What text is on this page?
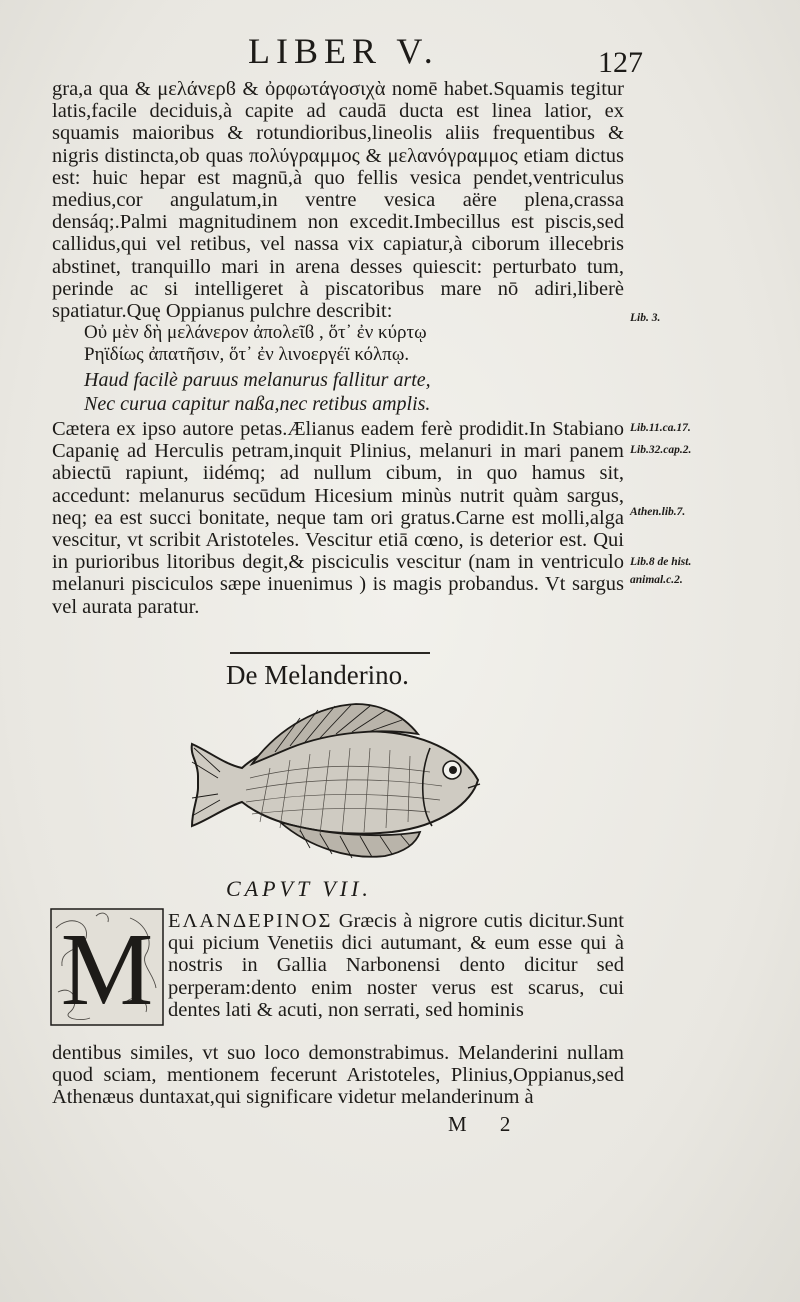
LIBER V.	127

gra,a qua & μελάνερϐ & ὀρφωτάγοσιχὰ nomē habet.Squamis tegitur latis,facile deciduis,à capite ad caudā ducta est linea latior, ex squamis maioribus & rotundioribus,lineolis aliis frequentibus & nigris distincta,ob quas πολύγραμμος & μελανόγραμμος etiam dictus est: huic hepar est magnū,à quo fellis vesica pendet,ventriculus medius,cor angulatum,in ventre vesica aëre plena,crassa densáq;.Palmi magnitudinem non excedit.Imbecillus est piscis,sed callidus,qui vel retibus, vel nassa vix capiatur,à ciborum illecebris abstinet, tranquillo mari in arena desses quiescit: perturbato tum, perinde ac si intelligeret à piscatoribus mare nō adiri,liberè spatiatur.Quę Oppianus pulchre describit:

Οὐ μὲν δὴ μελάνερον ἀπολεῖϐ , ὅτ᾽ ἐν κύρτῳ
Ρηϊδίως ἀπατῆσιν, ὅτ᾽ ἐν λινοεργέϊ κόλπῳ.
Haud facilè paruus melanurus fallitur arte,
Nec curua capitur naßa,nec retibus amplis.

Cætera ex ipso autore petas.Ælianus eadem ferè prodidit.In Stabiano Capanię ad Herculis petram,inquit Plinius, melanuri in mari panem abiectū rapiunt, iidémq; ad nullum cibum, in quo hamus sit, accedunt: melanurus secūdum Hicesium minùs nutrit quàm sargus, neq; ea est succi bonitate, neque tam ori gratus.Carne est molli,alga vescitur, vt scribit Aristoteles. Vescitur etiā cœno, is deterior est. Qui in purioribus litoribus degit,& pisciculis vescitur (nam in ventriculo melanuri pisciculos sæpe inuenimus ) is magis probandus. Vt sargus vel aurata paratur.

Lib. 3.
Lib.11.ca.17.
Lib.32.cap.2.
Athen.lib.7.
Lib.8 de hist.
animal.c.2.
De Melanderino.
CAPVT VII.
M ΕΛΑΝΔΕΡΙΝΟΣ Græcis à nigrore cutis dicitur.Sunt qui picium Venetiis dici autumant, & eum esse qui à nostris in Gallia Narbonensi dento dicitur sed perperam:dento enim noster verus est scarus, cui dentes lati & acuti, non serrati, sed hominis

dentibus similes, vt suo loco demonstrabimus. Melanderini nullam quod sciam, mentionem fecerunt Aristoteles, Plinius,Oppianus,sed Athenæus duntaxat,qui significare videtur melanderinum à

M 2
